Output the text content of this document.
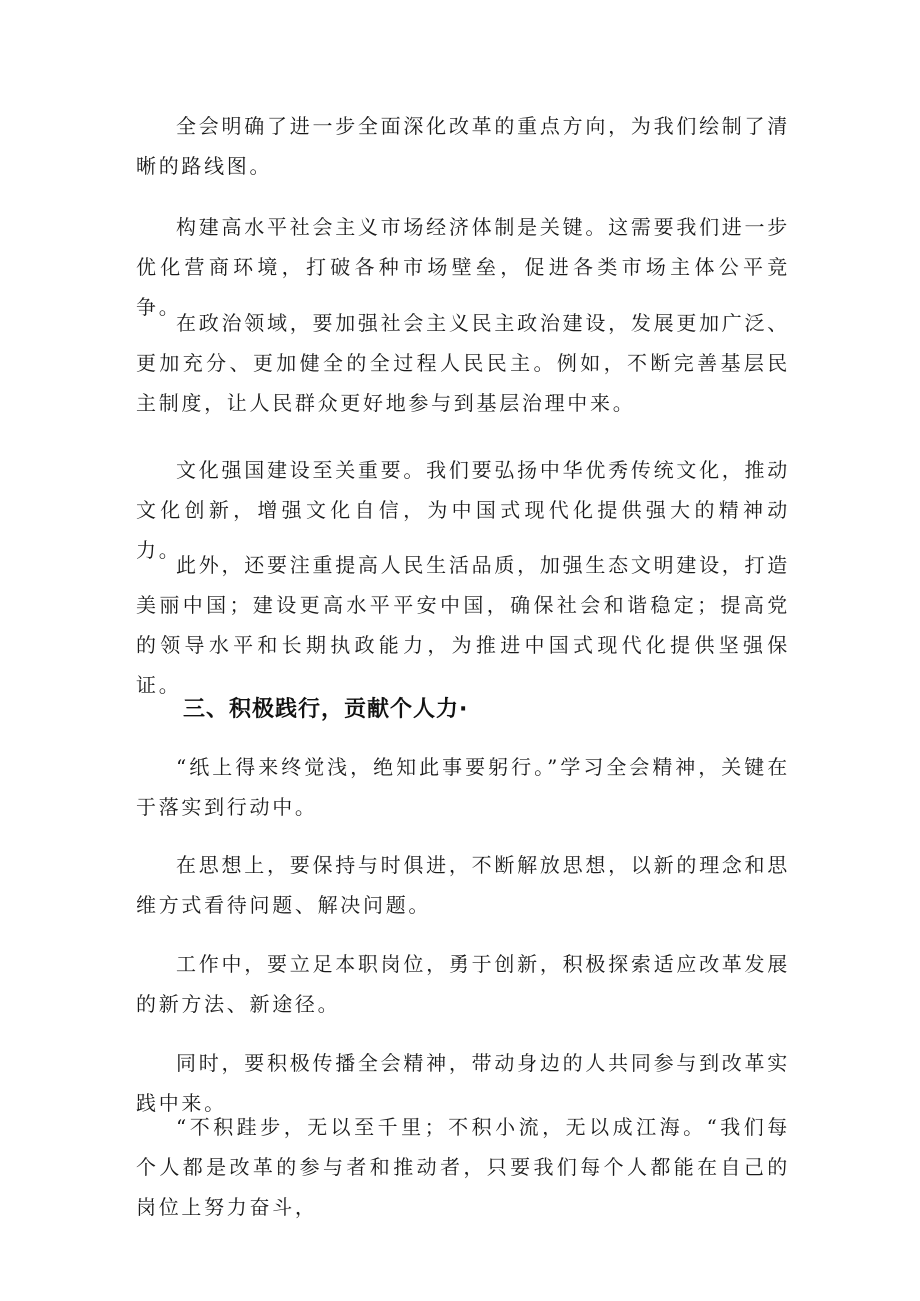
全会明确了进一步全面深化改革的重点方向，为我们绘制了清晰的路线图。

构建高水平社会主义市场经济体制是关键。这需要我们进一步优化营商环境，打破各种市场壁垒，促进各类市场主体公平竞争。

在政治领域，要加强社会主义民主政治建设，发展更加广泛、更加充分、更加健全的全过程人民民主。例如，不断完善基层民主制度，让人民群众更好地参与到基层治理中来。

文化强国建设至关重要。我们要弘扬中华优秀传统文化，推动文化创新，增强文化自信，为中国式现代化提供强大的精神动力。

此外，还要注重提高人民生活品质，加强生态文明建设，打造美丽中国；建设更高水平平安中国，确保社会和谐稳定；提高党的领导水平和长期执政能力，为推进中国式现代化提供坚强保证。

三、积极践行，贡献个人力·

“纸上得来终觉浅，绝知此事要躬行。”学习全会精神，关键在于落实到行动中。

在思想上，要保持与时俱进，不断解放思想，以新的理念和思维方式看待问题、解决问题。

工作中，要立足本职岗位，勇于创新，积极探索适应改革发展的新方法、新途径。

同时，要积极传播全会精神，带动身边的人共同参与到改革实践中来。

“不积跬步，无以至千里；不积小流，无以成江海。“我们每个人都是改革的参与者和推动者，只要我们每个人都能在自己的岗位上努力奋斗，
